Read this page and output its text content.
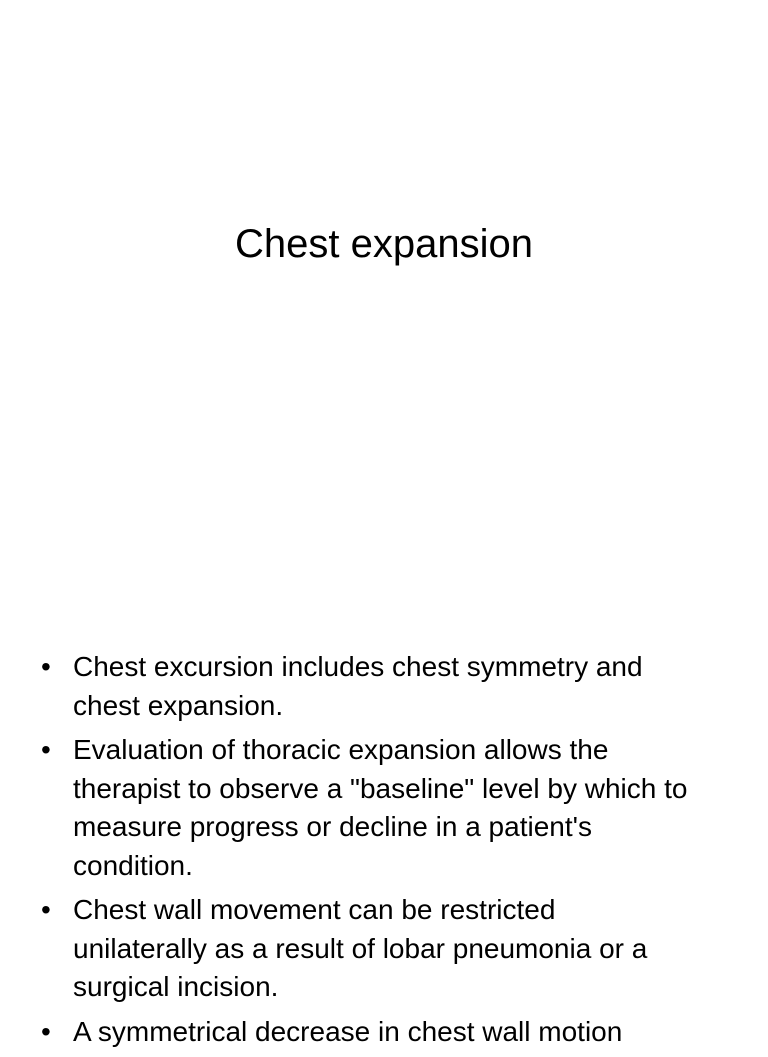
Chest expansion
• Chest excursion includes chest symmetry and
chest expansion.
• Evaluation of thoracic expansion allows the
therapist to observe a "baseline" level by which to
measure progress or decline in a patient's
condition.
• Chest wall movement can be restricted
unilaterally as a result of lobar pneumonia or a
surgical incision.
• A symmetrical decrease in chest wall motion
